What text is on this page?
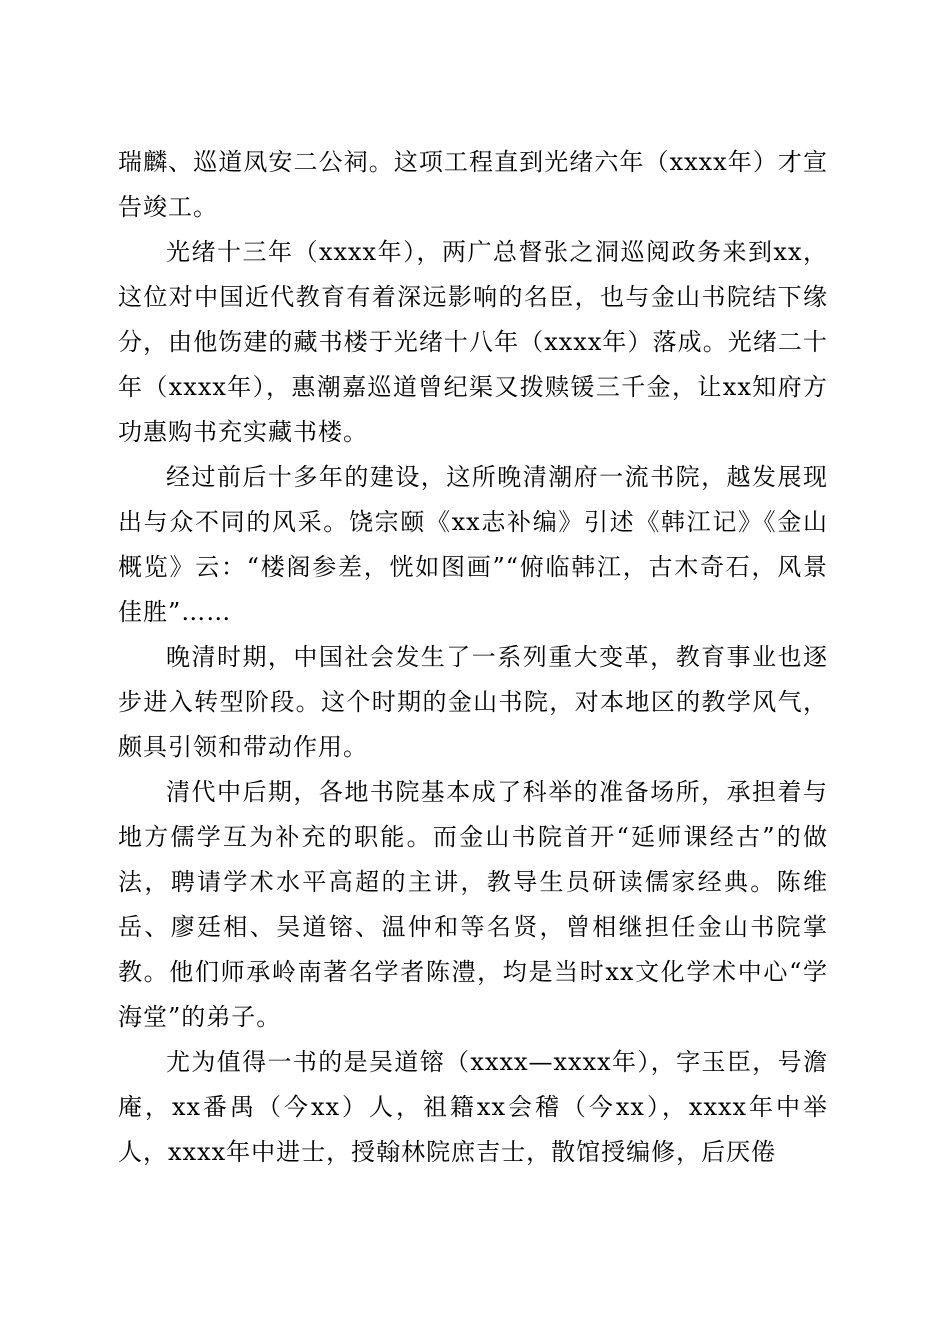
瑞麟、巡道凤安二公祠。这项工程直到光绪六年（xxxx年）才宣告竣工。

光绪十三年（xxxx年），两广总督张之洞巡阅政务来到xx，这位对中国近代教育有着深远影响的名臣，也与金山书院结下缘分，由他饬建的藏书楼于光绪十八年（xxxx年）落成。光绪二十年（xxxx年），惠潮嘉巡道曾纪渠又拨赎锾三千金，让xx知府方功惠购书充实藏书楼。

经过前后十多年的建设，这所晚清潮府一流书院，越发展现出与众不同的风采。饶宗颐《xx志补编》引述《韩江记》《金山概览》云：“楼阁参差，恍如图画”“俯临韩江，古木奇石，风景佳胜”……

晚清时期，中国社会发生了一系列重大变革，教育事业也逐步进入转型阶段。这个时期的金山书院，对本地区的教学风气，颇具引领和带动作用。

清代中后期，各地书院基本成了科举的准备场所，承担着与地方儒学互为补充的职能。而金山书院首开“延师课经古”的做法，聘请学术水平高超的主讲，教导生员研读儒家经典。陈维岳、廖廷相、吴道镕、温仲和等名贤，曾相继担任金山书院掌教。他们师承岭南著名学者陈澧，均是当时xx文化学术中心“学海堂”的弟子。

尤为值得一书的是吴道镕（xxxx—xxxx年），字玉臣，号澹庵，xx番禺（今xx）人，祖籍xx会稽（今xx），xxxx年中举人，xxxx年中进士，授翰林院庶吉士，散馆授编修，后厌倦
